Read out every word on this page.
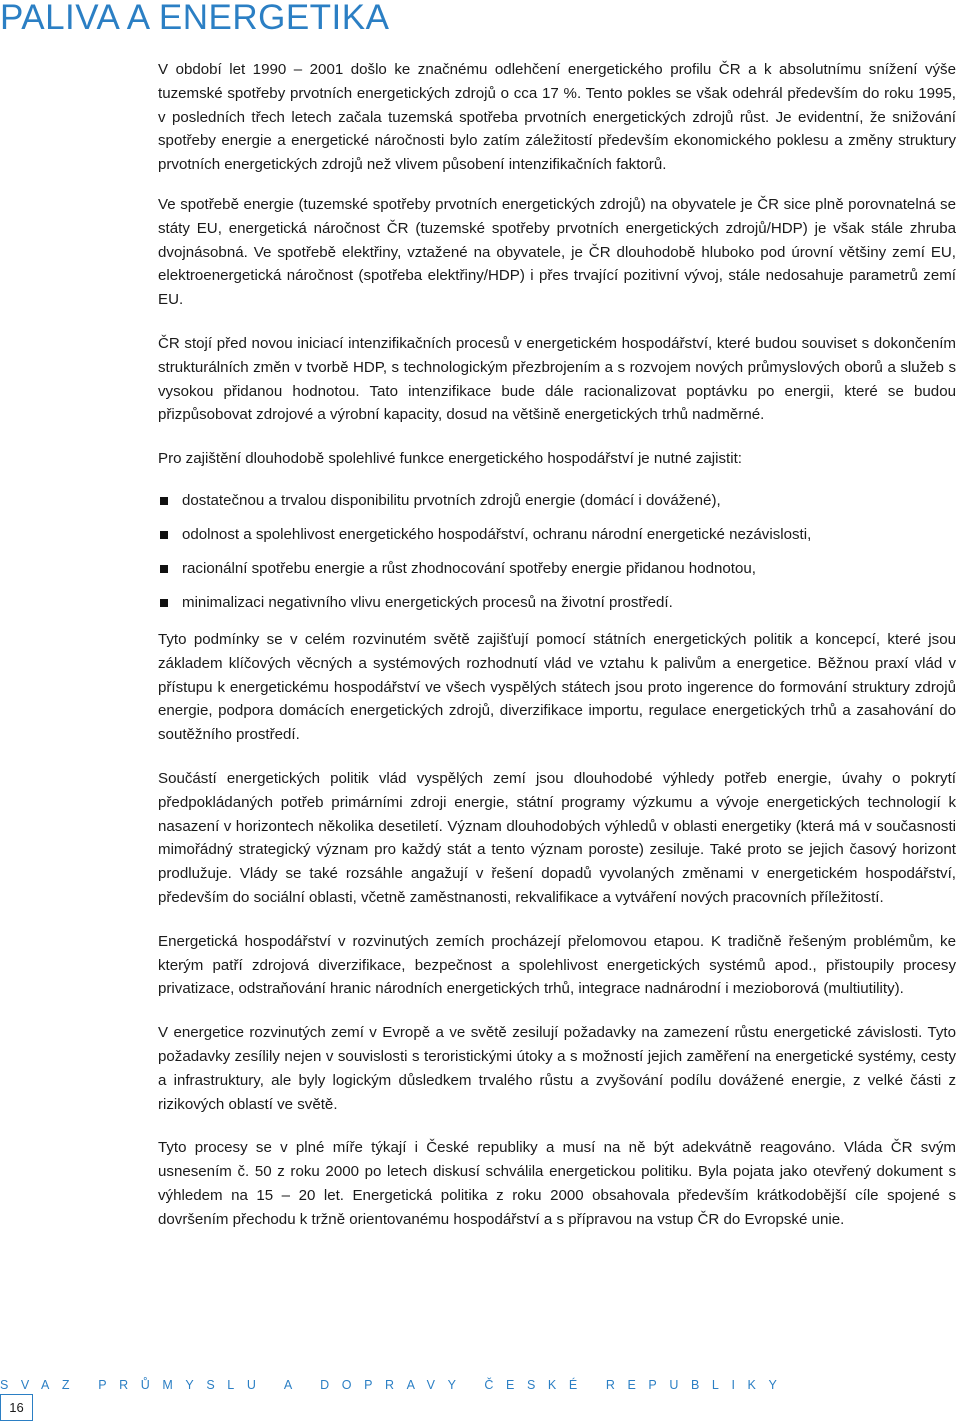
PALIVA A ENERGETIKA

V období let 1990 – 2001 došlo ke značnému odlehčení energetického profilu ČR a k absolutnímu snížení výše tuzemské spotřeby prvotních energetických zdrojů o cca 17 %. Tento pokles se však odehrál především do roku 1995, v posledních třech letech začala tuzemská spotřeba prvotních energetických zdrojů růst. Je evidentní, že snižování spotřeby energie a energetické náročnosti bylo zatím záležitostí především ekonomického poklesu a změny struktury prvotních energetických zdrojů než vlivem působení intenzifikačních faktorů.

Ve spotřebě energie (tuzemské spotřeby prvotních energetických zdrojů) na obyvatele je ČR sice plně porovnatelná se státy EU, energetická náročnost ČR (tuzemské spotřeby prvotních energetických zdrojů/HDP) je však stále zhruba dvojnásobná. Ve spotřebě elektřiny, vztažené na obyvatele, je ČR dlouhodobě hluboko pod úrovní většiny zemí EU, elektroenergetická náročnost (spotřeba elektřiny/HDP) i přes trvající pozitivní vývoj, stále nedosahuje parametrů zemí EU.

ČR stojí před novou iniciací intenzifikačních procesů v energetickém hospodářství, které budou souviset s dokončením strukturálních změn v tvorbě HDP, s technologickým přezbrojením a s rozvojem nových průmyslových oborů a služeb s vysokou přidanou hodnotou. Tato intenzifikace bude dále racionalizovat poptávku po energii, které se budou přizpůsobovat zdrojové a výrobní kapacity, dosud na většině energetických trhů nadměrné.

Pro zajištění dlouhodobě spolehlivé funkce energetického hospodářství je nutné zajistit:

dostatečnou a trvalou disponibilitu prvotních zdrojů energie (domácí i dovážené),
odolnost a spolehlivost energetického hospodářství, ochranu národní energetické nezávislosti,
racionální spotřebu energie a růst zhodnocování spotřeby energie přidanou hodnotou,
minimalizaci negativního vlivu energetických procesů na životní prostředí.

Tyto podmínky se v celém rozvinutém světě zajišťují pomocí státních energetických politik a koncepcí, které jsou základem klíčových věcných a systémových rozhodnutí vlád ve vztahu k palivům a energetice. Běžnou praxí vlád v přístupu k energetickému hospodářství ve všech vyspělých státech jsou proto ingerence do formování struktury zdrojů energie, podpora domácích energetických zdrojů, diverzifikace importu, regulace energetických trhů a zasahování do soutěžního prostředí.

Součástí energetických politik vlád vyspělých zemí jsou dlouhodobé výhledy potřeb energie, úvahy o pokrytí předpokládaných potřeb primárními zdroji energie, státní programy výzkumu a vývoje energetických technologií k nasazení v horizontech několika desetiletí. Význam dlouhodobých výhledů v oblasti energetiky (která má v současnosti mimořádný strategický význam pro každý stát a tento význam poroste) zesiluje. Také proto se jejich časový horizont prodlužuje. Vlády se také rozsáhle angažují v řešení dopadů vyvolaných změnami v energetickém hospodářství, především do sociální oblasti, včetně zaměstnanosti, rekvalifikace a vytváření nových pracovních příležitostí.

Energetická hospodářství v rozvinutých zemích procházejí přelomovou etapou. K tradičně řešeným problémům, ke kterým patří zdrojová diverzifikace, bezpečnost a spolehlivost energetických systémů apod., přistoupily procesy privatizace, odstraňování hranic národních energetických trhů, integrace nadnárodní i mezioborová (multiutility).

V energetice rozvinutých zemí v Evropě a ve světě zesilují požadavky na zamezení růstu energetické závislosti. Tyto požadavky zesílily nejen v souvislosti s teroristickými útoky a s možností jejich zaměření na energetické systémy, cesty a infrastruktury, ale byly logickým důsledkem trvalého růstu a zvyšování podílu dovážené energie, z velké části z rizikových oblastí ve světě.

Tyto procesy se v plné míře týkají i České republiky a musí na ně být adekvátně reagováno. Vláda ČR svým usnesením č. 50 z roku 2000 po letech diskusí schválila energetickou politiku. Byla pojata jako otevřený dokument s výhledem na 15 – 20 let. Energetická politika z roku 2000 obsahovala především krátkodobější cíle spojené s dovršením přechodu k tržně orientovanému hospodářství a s přípravou na vstup ČR do Evropské unie.

SVAZ PRŮMYSLU A DOPRAVY ČESKÉ REPUBLIKY
16
